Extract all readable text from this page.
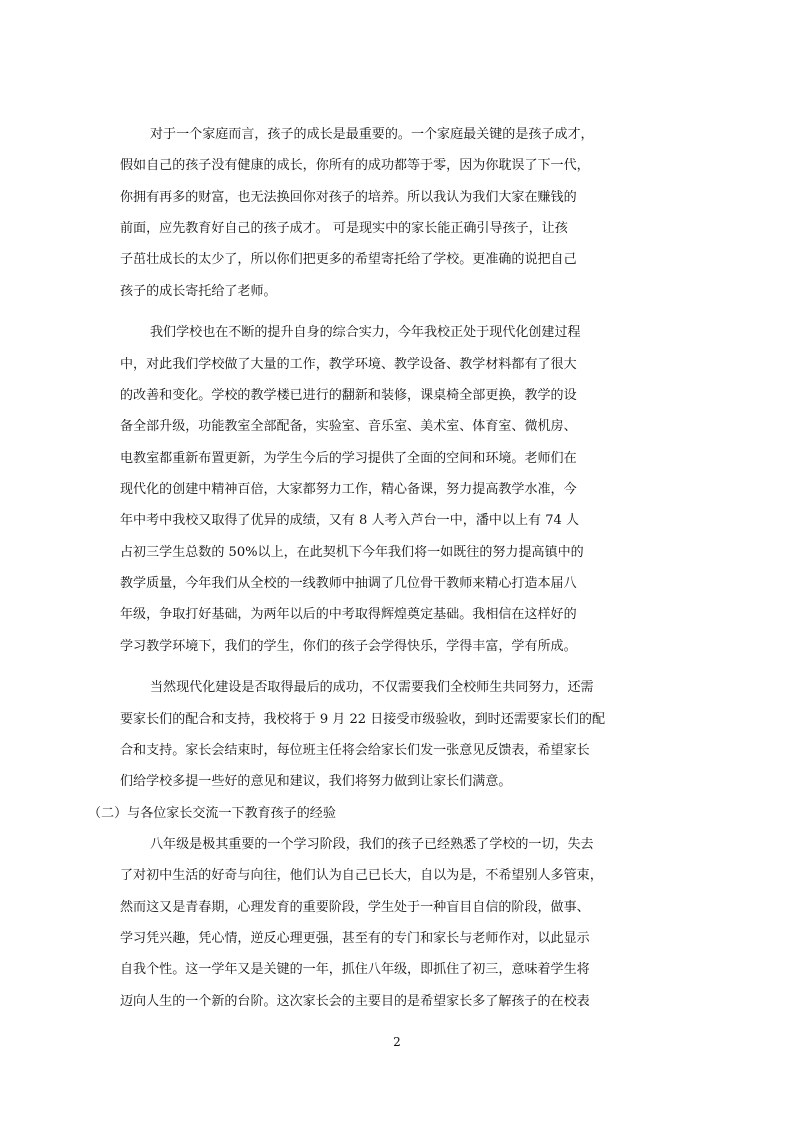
对于一个家庭而言，孩子的成长是最重要的。一个家庭最关键的是孩子成才，
假如自己的孩子没有健康的成长，你所有的成功都等于零，因为你耽误了下一代，
你拥有再多的财富，也无法换回你对孩子的培养。所以我认为我们大家在赚钱的
前面，应先教育好自己的孩子成才。 可是现实中的家长能正确引导孩子，让孩
子茁壮成长的太少了，所以你们把更多的希望寄托给了学校。更准确的说把自己
孩子的成长寄托给了老师。
我们学校也在不断的提升自身的综合实力，今年我校正处于现代化创建过程
中，对此我们学校做了大量的工作，教学环境、教学设备、教学材料都有了很大
的改善和变化。学校的教学楼已进行的翻新和装修，课桌椅全部更换，教学的设
备全部升级，功能教室全部配备，实验室、音乐室、美术室、体育室、微机房、
电教室都重新布置更新，为学生今后的学习提供了全面的空间和环境。老师们在
现代化的创建中精神百倍，大家都努力工作，精心备课，努力提高教学水准，今
年中考中我校又取得了优异的成绩，又有 8 人考入芦台一中，潘中以上有 74 人
占初三学生总数的 50%以上，在此契机下今年我们将一如既往的努力提高镇中的
教学质量，今年我们从全校的一线教师中抽调了几位骨干教师来精心打造本届八
年级，争取打好基础，为两年以后的中考取得辉煌奠定基础。我相信在这样好的
学习教学环境下，我们的学生，你们的孩子会学得快乐，学得丰富，学有所成。
当然现代化建设是否取得最后的成功，不仅需要我们全校师生共同努力，还需
要家长们的配合和支持，我校将于 9 月 22 日接受市级验收，到时还需要家长们的配
合和支持。家长会结束时，每位班主任将会给家长们发一张意见反馈表，希望家长
们给学校多提一些好的意见和建议，我们将努力做到让家长们满意。
（二）与各位家长交流一下教育孩子的经验
八年级是极其重要的一个学习阶段，我们的孩子已经熟悉了学校的一切，失去
了对初中生活的好奇与向往，他们认为自己已长大，自以为是，不希望别人多管束，
然而这又是青春期，心理发育的重要阶段，学生处于一种盲目自信的阶段，做事、
学习凭兴趣，凭心情，逆反心理更强，甚至有的专门和家长与老师作对，以此显示
自我个性。这一学年又是关键的一年，抓住八年级，即抓住了初三，意味着学生将
迈向人生的一个新的台阶。这次家长会的主要目的是希望家长多了解孩子的在校表
2
